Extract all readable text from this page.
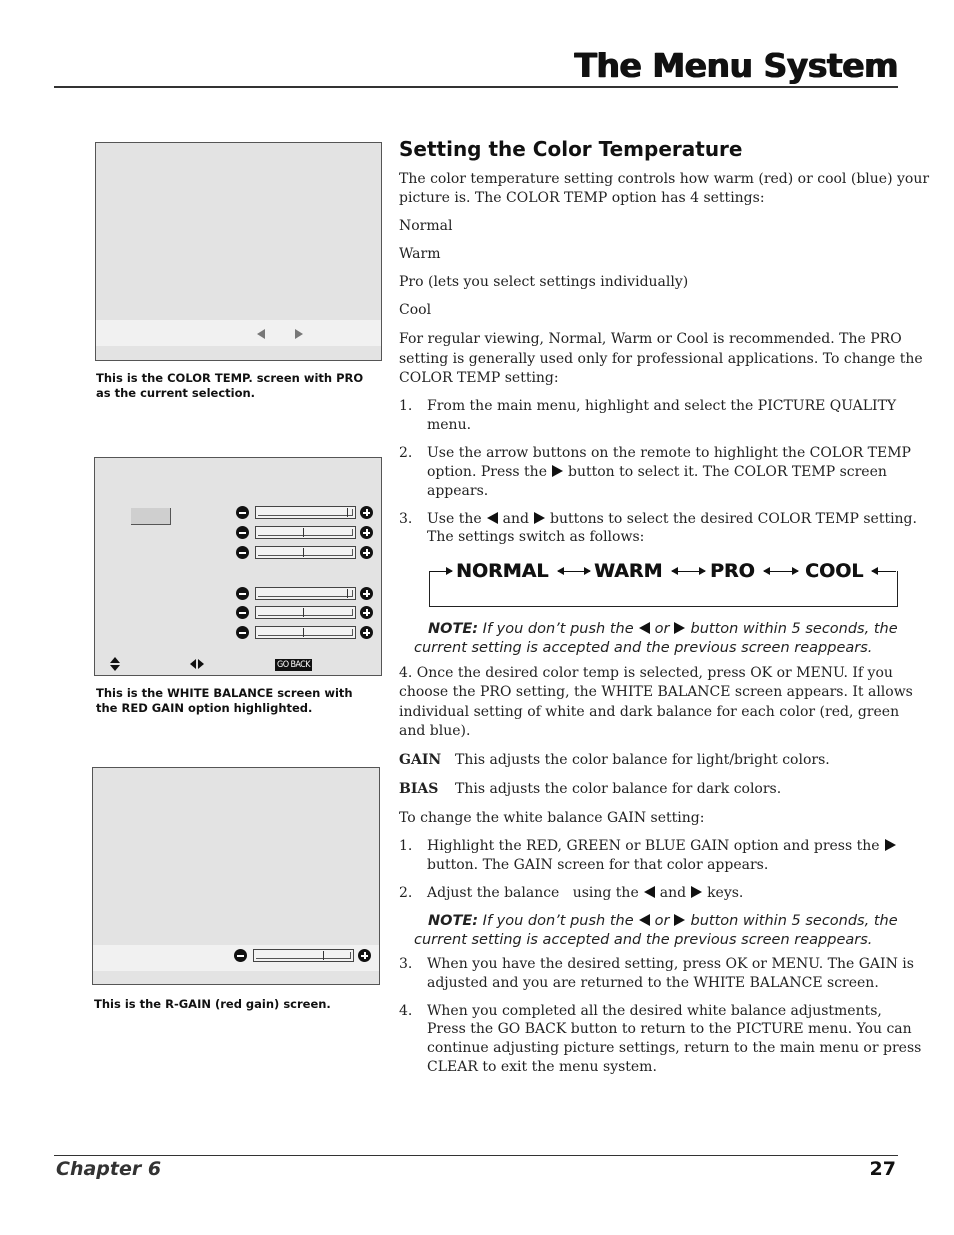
The Menu System
This is the COLOR TEMP. screen with PRO as the current selection.
GO BACK
This is the WHITE BALANCE screen with the RED GAIN option highlighted.
This is the R-GAIN (red gain) screen.
Setting the Color Temperature
The color temperature setting controls how warm (red) or cool (blue) your
picture is. The COLOR TEMP option has 4 settings:
Normal
Warm
Pro (lets you select settings individually)
Cool
For regular viewing, Normal, Warm or Cool is recommended. The PRO
setting is generally used only for professional applications. To change the
COLOR TEMP setting:
1. From the main menu, highlight and select the PICTURE QUALITY
menu.
2. Use the arrow buttons on the remote to highlight the COLOR TEMP
option. Press the button to select it. The COLOR TEMP screen
appears.
3. Use the and buttons to select the desired COLOR TEMP setting.
The settings switch as follows:
NORMAL WARM	PRO	COOL
NOTE: If you don’t push the or button within 5 seconds, the
current setting is accepted and the previous screen reappears.
4. Once the desired color temp is selected, press OK or MENU. If you
choose the PRO setting, the WHITE BALANCE screen appears. It allows
individual setting of white and dark balance for each color (red, green
and blue).
GAIN This adjusts the color balance for light/bright colors.
BIAS This adjusts the color balance for dark colors.
To change the white balance GAIN setting:
1. Highlight the RED, GREEN or BLUE GAIN option and press the
button. The GAIN screen for that color appears.
2. Adjust the balance   using the and keys.
NOTE: If you don’t push the or button within 5 seconds, the
current setting is accepted and the previous screen reappears.
3. When you have the desired setting, press OK or MENU. The GAIN is
adjusted and you are returned to the WHITE BALANCE screen.
4. When you completed all the desired white balance adjustments,
Press the GO BACK button to return to the PICTURE menu. You can
continue adjusting picture settings, return to the main menu or press
CLEAR to exit the menu system.
Chapter 6	27
